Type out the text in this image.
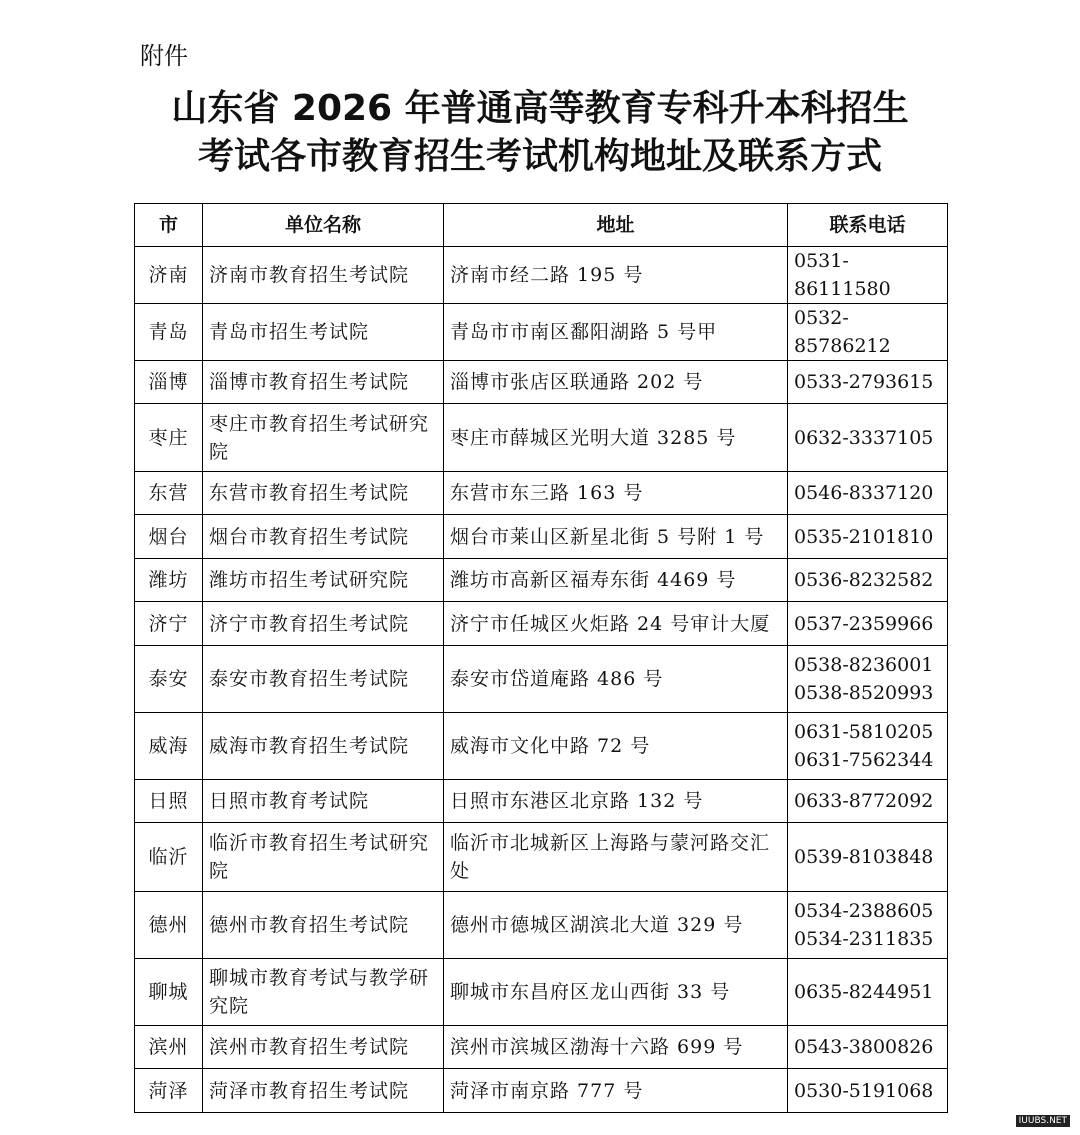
附件
山东省 2026 年普通高等教育专科升本科招生
考试各市教育招生考试机构地址及联系方式
市	单位名称	地址	联系电话
济南	济南市教育招生考试院	济南市经二路 195 号	0531-86111580

青岛	青岛市招生考试院	青岛市市南区鄱阳湖路 5 号甲	0532-85786212

淄博	淄博市教育招生考试院	淄博市张店区联通路 202 号	0533-2793615

枣庄	枣庄市教育招生考试研究院	枣庄市薛城区光明大道 3285 号	0632-3337105

东营	东营市教育招生考试院	东营市东三路 163 号	0546-8337120

烟台	烟台市教育招生考试院	烟台市莱山区新星北街 5 号附 1 号	0535-2101810

潍坊	潍坊市招生考试研究院	潍坊市高新区福寿东街 4469 号	0536-8232582

济宁	济宁市教育招生考试院	济宁市任城区火炬路 24 号审计大厦	0537-2359966

泰安	泰安市教育招生考试院	泰安市岱道庵路 486 号	0538-8236001
0538-8520993

威海	威海市教育招生考试院	威海市文化中路 72 号	0631-5810205
0631-7562344

日照	日照市教育考试院	日照市东港区北京路 132 号	0633-8772092

临沂	临沂市教育招生考试研究院	临沂市北城新区上海路与蒙河路交汇处	0539-8103848

德州	德州市教育招生考试院	德州市德城区湖滨北大道 329 号	0534-2388605
0534-2311835

聊城	聊城市教育考试与教学研究院	聊城市东昌府区龙山西街 33 号	0635-8244951

滨州	滨州市教育招生考试院	滨州市滨城区渤海十六路 699 号	0543-3800826

菏泽	菏泽市教育招生考试院	菏泽市南京路 777 号	0530-5191068
IUUBS.NET
